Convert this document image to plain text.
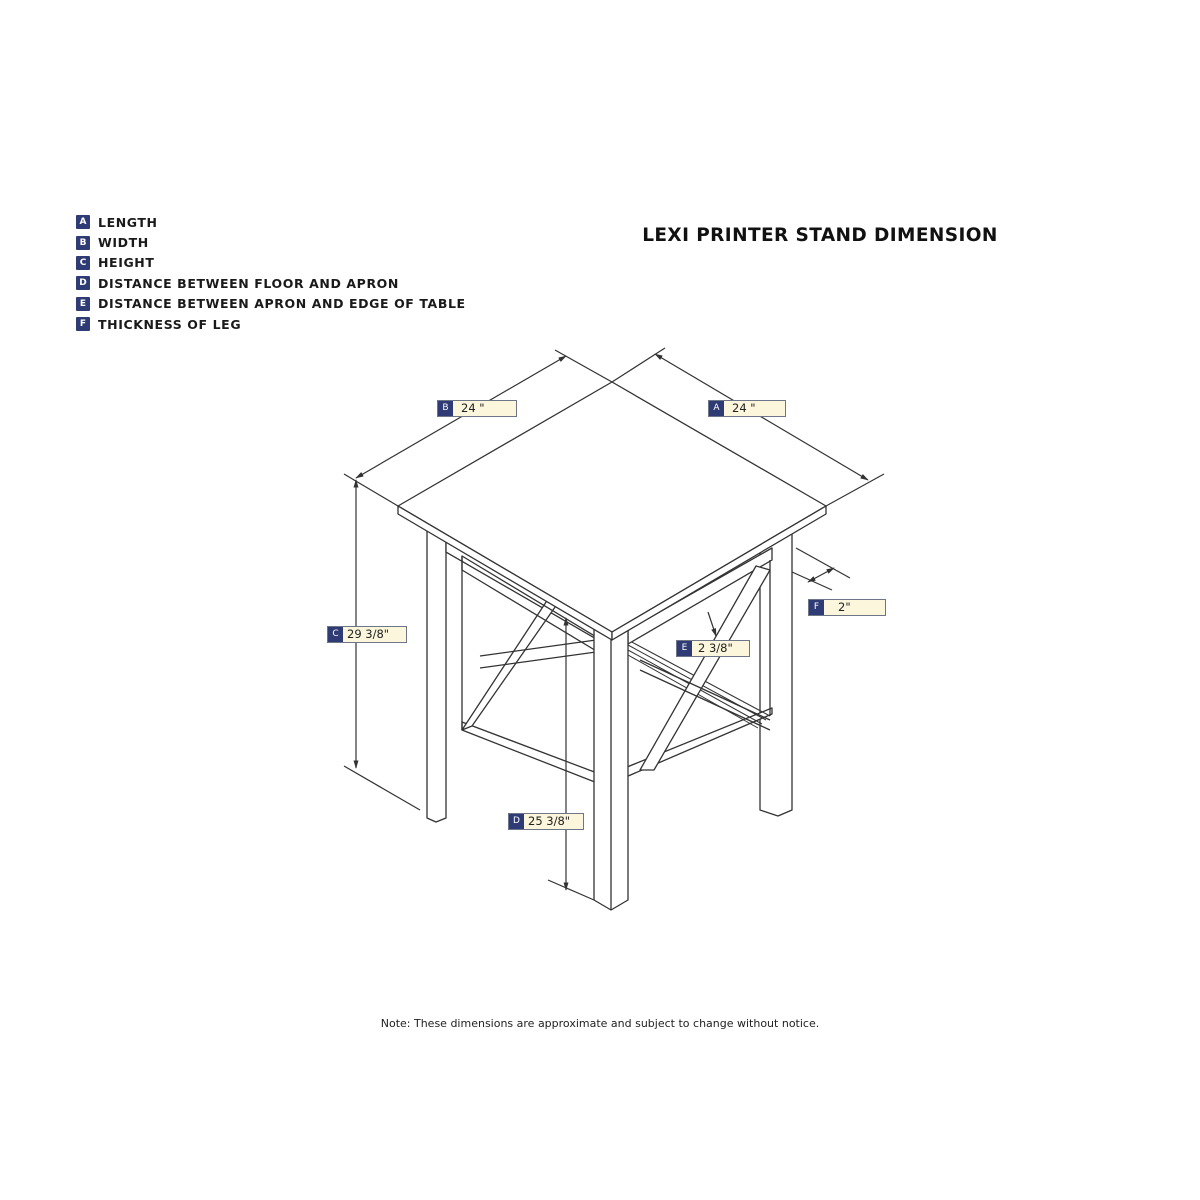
A LENGTH
B WIDTH
C HEIGHT
D DISTANCE BETWEEN FLOOR AND APRON
E DISTANCE BETWEEN APRON AND EDGE OF TABLE
F THICKNESS OF LEG
LEXI PRINTER STAND DIMENSION
B	24 "	A	24 "
C 29 3/8"
D 25 3/8"
E 2 3/8"
F	2"

Note: These dimensions are approximate and subject to change without notice.
